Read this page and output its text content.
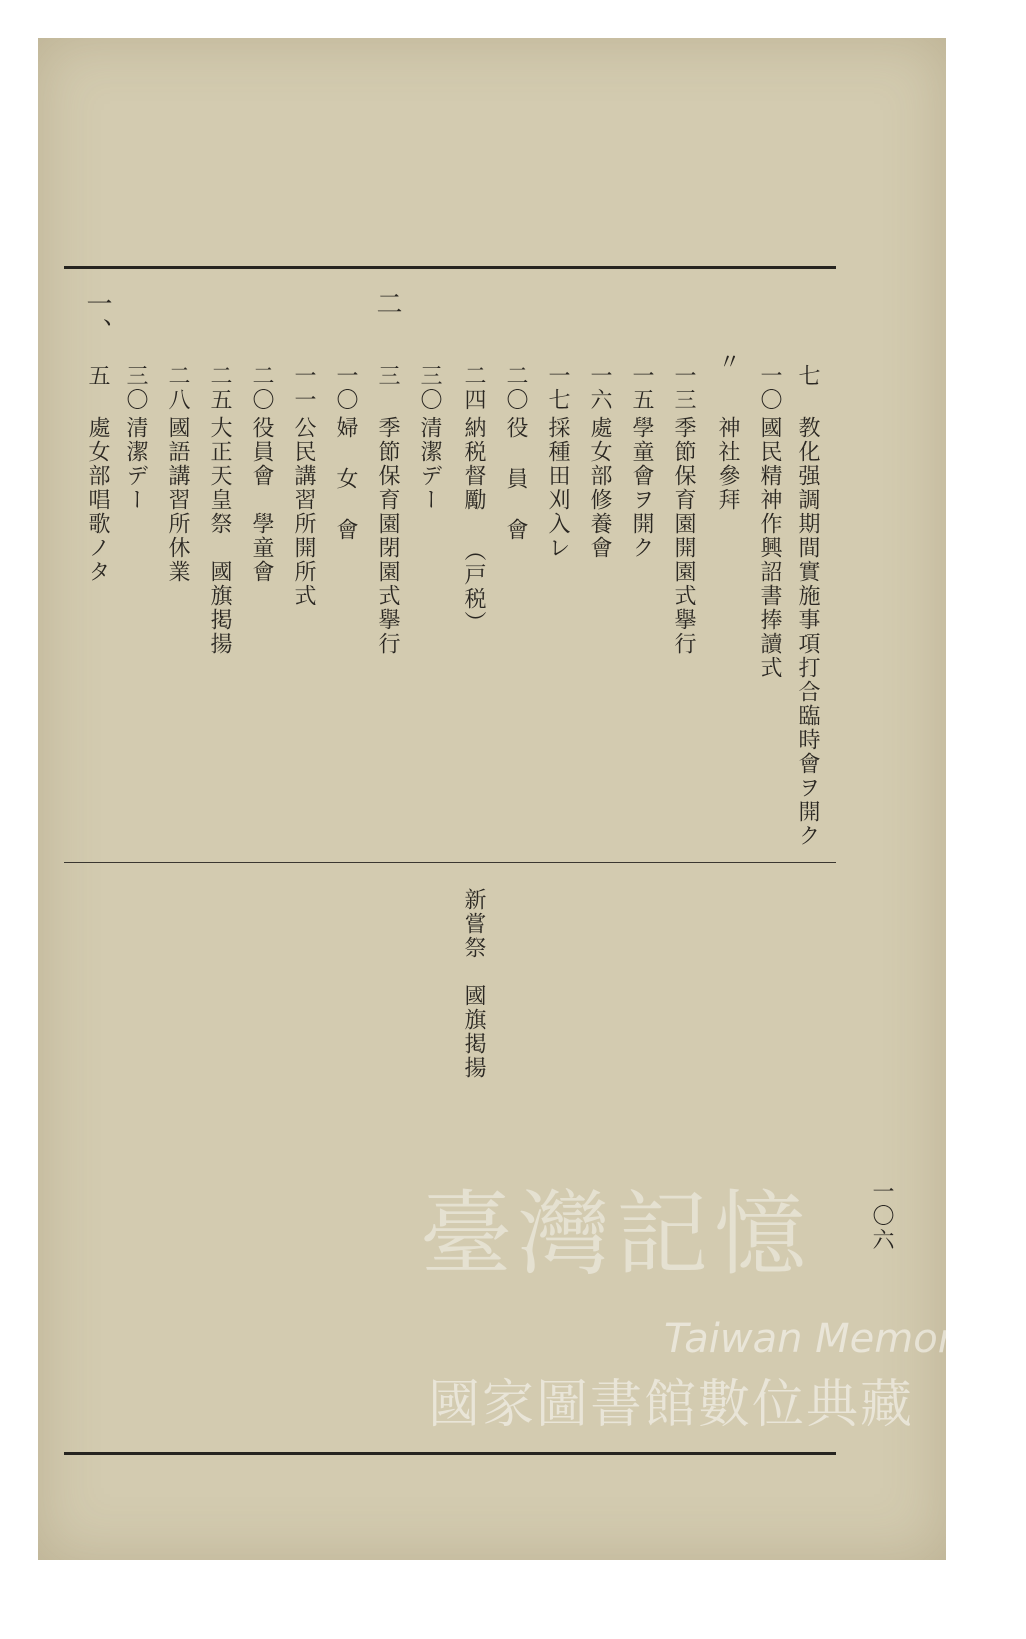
二
一、
七
一〇
〃
一三
一五
一六
一七
二〇
二四
三〇
三
一〇
一一
二〇
二五
二八
三〇
五
教化强調期間實施事項打合臨時會ヲ開ク
國民精神作興詔書捧讀式
神社參拜
季節保育園開園式擧行
學童會ヲ開ク
處女部修養會
採種田刈入レ
役 員 會
納税督勵 （戸税）
清潔デー
季節保育園閉園式擧行
婦 女 會
公民講習所開所式
役員會　學童會
大正天皇祭　國旗掲揚
國語講習所休業
清潔デー
處女部唱歌ノタ
新嘗祭　國旗掲揚
一〇六
臺灣記憶
Taiwan Memory
國家圖書館數位典藏
